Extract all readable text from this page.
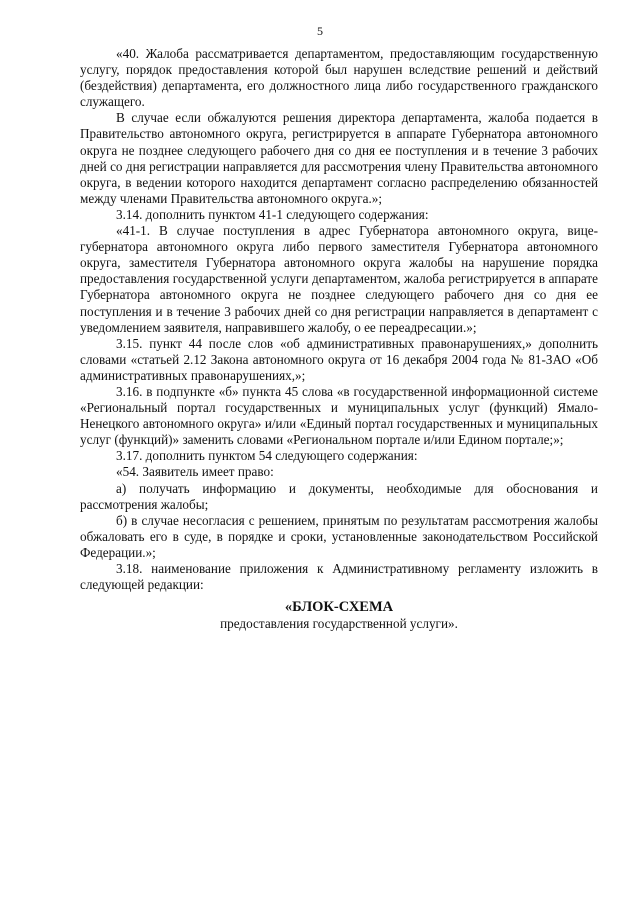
5

«40. Жалоба рассматривается департаментом, предоставляющим государственную услугу, порядок предоставления которой был нарушен вследствие решений и действий (бездействия) департамента, его должностного лица либо государственного гражданского служащего.

В случае если обжалуются решения директора департамента, жалоба подается в Правительство автономного округа, регистрируется в аппарате Губернатора автономного округа не позднее следующего рабочего дня со дня ее поступления и в течение 3 рабочих дней со дня регистрации направляется для рассмотрения члену Правительства автономного округа, в ведении которого находится департамент согласно распределению обязанностей между членами Правительства автономного округа.»;

3.14. дополнить пунктом 41-1 следующего содержания:

«41-1. В случае поступления в адрес Губернатора автономного округа, вице-губернатора автономного округа либо первого заместителя Губернатора автономного округа, заместителя Губернатора автономного округа жалобы на нарушение порядка предоставления государственной услуги департаментом, жалоба регистрируется в аппарате Губернатора автономного округа не позднее следующего рабочего дня со дня ее поступления и в течение 3 рабочих дней со дня регистрации направляется в департамент с уведомлением заявителя, направившего жалобу, о ее переадресации.»;

3.15. пункт 44 после слов «об административных правонарушениях,» дополнить словами «статьей 2.12 Закона автономного округа от 16 декабря 2004 года № 81-ЗАО «Об административных правонарушениях,»;

3.16. в подпункте «б» пункта 45 слова «в государственной информационной системе «Региональный портал государственных и муниципальных услуг (функций) Ямало-Ненецкого автономного округа» и/или «Единый портал государственных и муниципальных услуг (функций)» заменить словами «Региональном портале и/или Едином портале;»;

3.17. дополнить пунктом 54 следующего содержания:

«54. Заявитель имеет право:

а) получать информацию и документы, необходимые для обоснования и рассмотрения жалобы;

б) в случае несогласия с решением, принятым по результатам рассмотрения жалобы обжаловать его в суде, в порядке и сроки, установленные законодательством Российской Федерации.»;

3.18. наименование приложения к Административному регламенту изложить в следующей редакции:

«БЛОК-СХЕМА

предоставления государственной услуги».
